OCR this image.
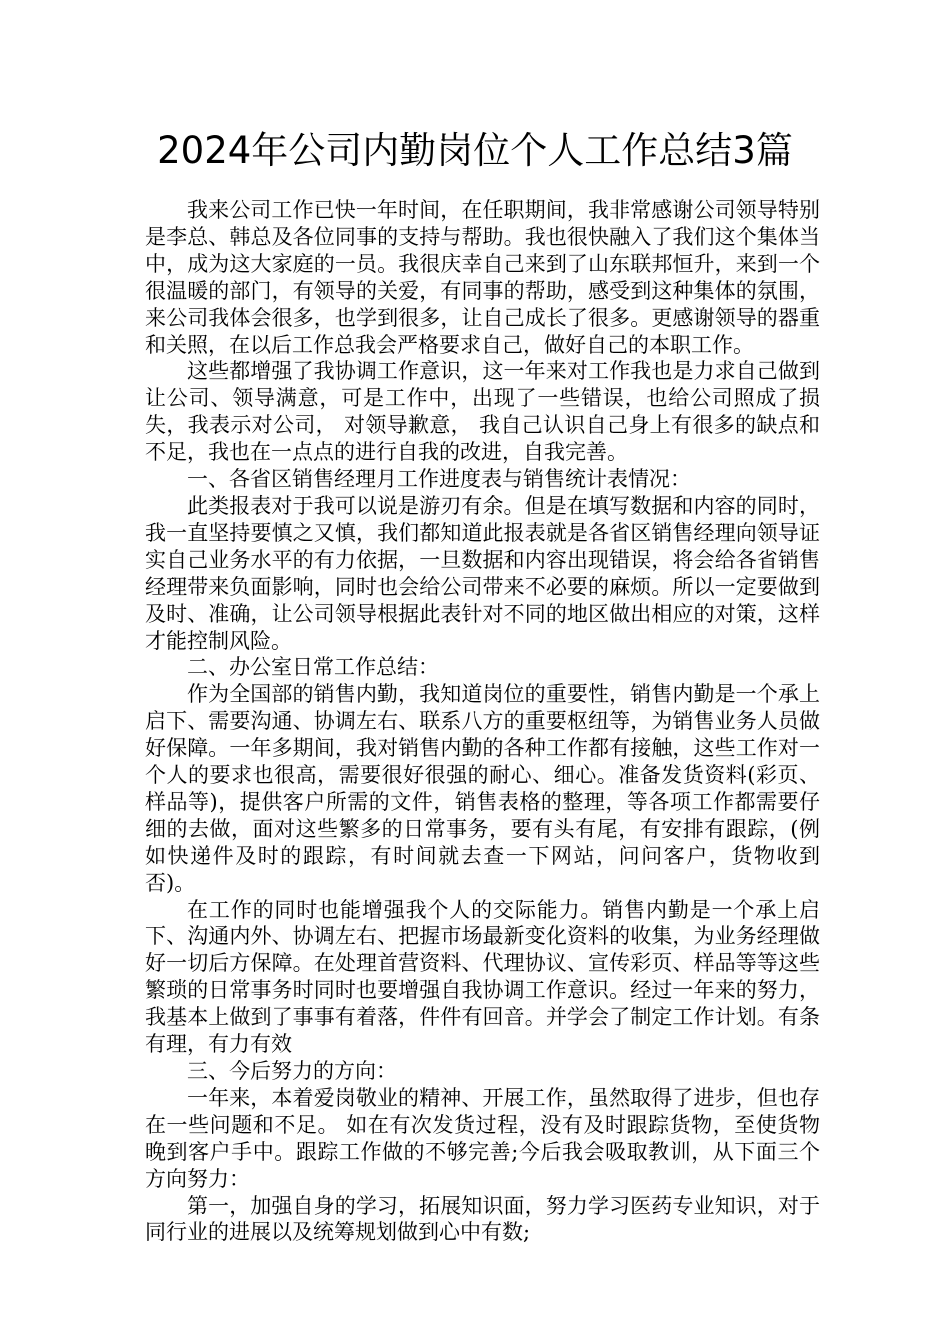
2024年公司内勤岗位个人工作总结3篇

我来公司工作已快一年时间，在任职期间，我非常感谢公司领导特别是李总、韩总及各位同事的支持与帮助。我也很快融入了我们这个集体当中，成为这大家庭的一员。我很庆幸自己来到了山东联邦恒升，来到一个很温暖的部门，有领导的关爱，有同事的帮助，感受到这种集体的氛围， 来公司我体会很多，也学到很多，让自己成长了很多。更感谢领导的器重和关照，在以后工作总我会严格要求自己，做好自己的本职工作。

这些都增强了我协调工作意识，这一年来对工作我也是力求自己做到让公司、领导满意，可是工作中，出现了一些错误，也给公司照成了损失，我表示对公司， 对领导歉意， 我自己认识自己身上有很多的缺点和不足，我也在一点点的进行自我的改进，自我完善。

一、各省区销售经理月工作进度表与销售统计表情况：

此类报表对于我可以说是游刃有余。但是在填写数据和内容的同时，我一直坚持要慎之又慎，我们都知道此报表就是各省区销售经理向领导证实自己业务水平的有力依据，一旦数据和内容出现错误，将会给各省销售经理带来负面影响，同时也会给公司带来不必要的麻烦。所以一定要做到及时、准确，让公司领导根据此表针对不同的地区做出相应的对策，这样才能控制风险。

二、办公室日常工作总结：

作为全国部的销售内勤，我知道岗位的重要性，销售内勤是一个承上启下、需要沟通、协调左右、联系八方的重要枢纽等，为销售业务人员做好保障。一年多期间，我对销售内勤的各种工作都有接触，这些工作对一个人的要求也很高，需要很好很强的耐心、细心。准备发货资料(彩页、样品等)，提供客户所需的文件，销售表格的整理，等各项工作都需要仔细的去做，面对这些繁多的日常事务，要有头有尾，有安排有跟踪，(例如快递件及时的跟踪，有时间就去查一下网站，问问客户，货物收到否)。

在工作的同时也能增强我个人的交际能力。销售内勤是一个承上启下、沟通内外、协调左右、把握市场最新变化资料的收集，为业务经理做好一切后方保障。在处理首营资料、代理协议、宣传彩页、样品等等这些繁琐的日常事务时同时也要增强自我协调工作意识。经过一年来的努力，我基本上做到了事事有着落，件件有回音。并学会了制定工作计划。有条有理，有力有效

三、今后努力的方向：

一年来，本着爱岗敬业的精神、开展工作，虽然取得了进步，但也存在一些问题和不足。 如在有次发货过程，没有及时跟踪货物，至使货物晚到客户手中。跟踪工作做的不够完善;今后我会吸取教训，从下面三个方向努力：

第一，加强自身的学习，拓展知识面，努力学习医药专业知识，对于同行业的进展以及统筹规划做到心中有数;
